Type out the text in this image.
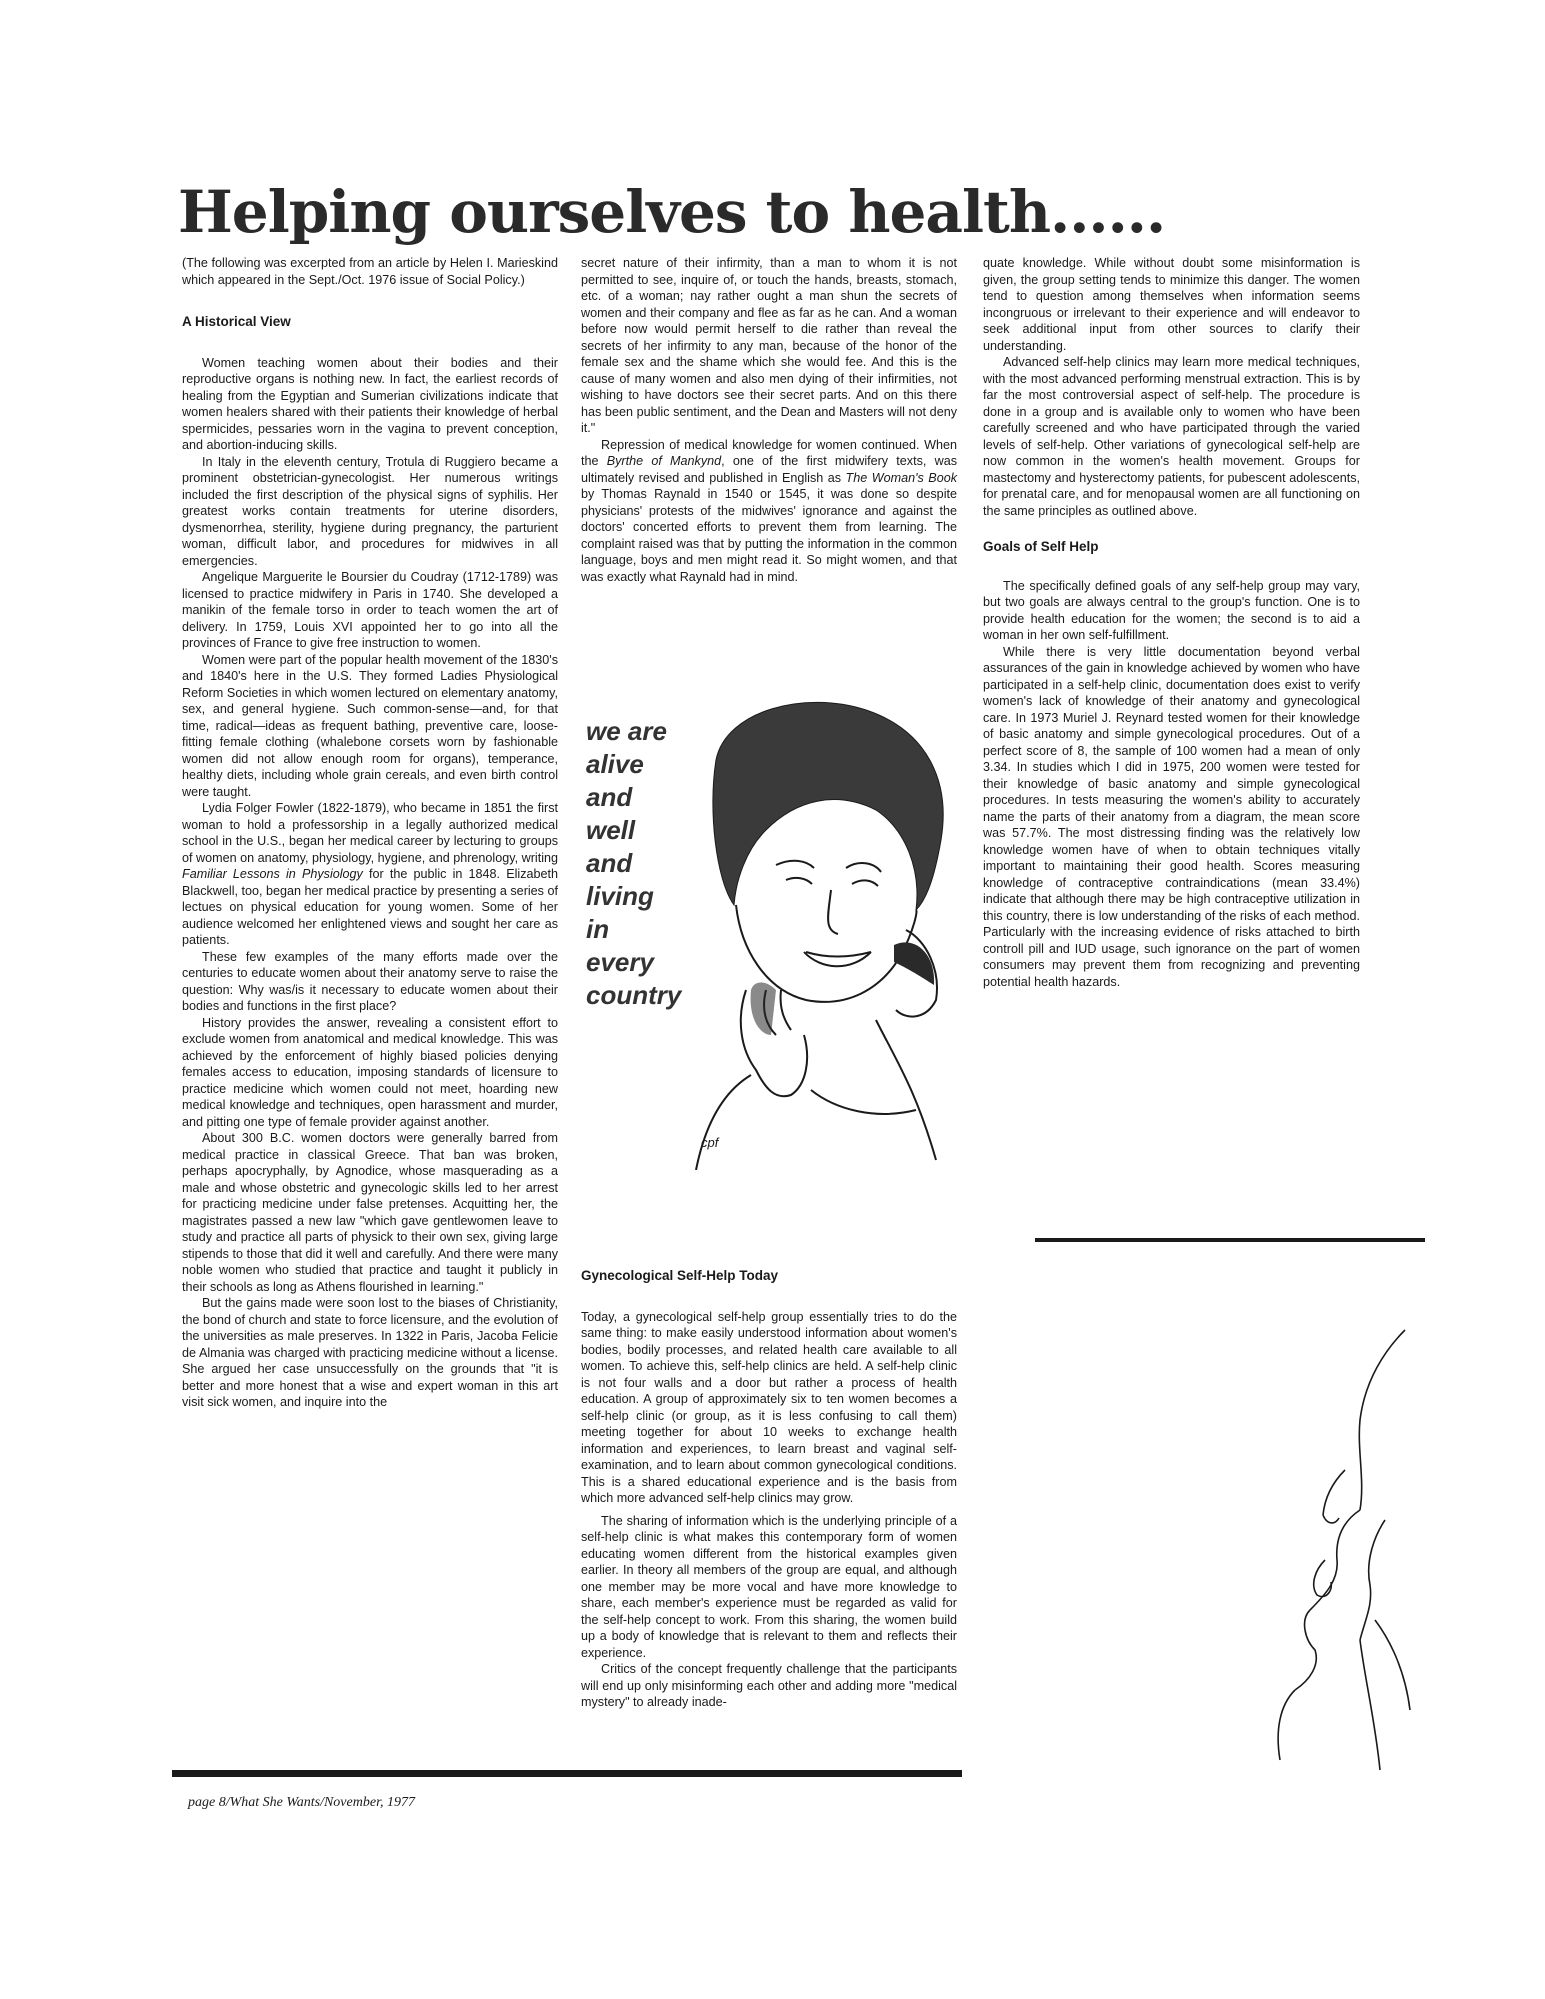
Helping ourselves to health......

(The following was excerpted from an article by Helen I. Marieskind which appeared in the Sept./Oct. 1976 issue of Social Policy.)

A Historical View

Women teaching women about their bodies and their reproductive organs is nothing new. In fact, the earliest records of healing from the Egyptian and Sumerian civilizations indicate that women healers shared with their patients their knowledge of herbal spermicides, pessaries worn in the vagina to prevent conception, and abortion-inducing skills.

In Italy in the eleventh century, Trotula di Ruggiero became a prominent obstetrician-gynecologist. Her numerous writings included the first description of the physical signs of syphilis. Her greatest works contain treatments for uterine disorders, dysmenorrhea, sterility, hygiene during pregnancy, the parturient woman, difficult labor, and procedures for midwives in all emergencies.

Angelique Marguerite le Boursier du Coudray (1712-1789) was licensed to practice midwifery in Paris in 1740. She developed a manikin of the female torso in order to teach women the art of delivery. In 1759, Louis XVI appointed her to go into all the provinces of France to give free instruction to women.

Women were part of the popular health movement of the 1830's and 1840's here in the U.S. They formed Ladies Physiological Reform Societies in which women lectured on elementary anatomy, sex, and general hygiene. Such common-sense—and, for that time, radical—ideas as frequent bathing, preventive care, loose-fitting female clothing (whalebone corsets worn by fashionable women did not allow enough room for organs), temperance, healthy diets, including whole grain cereals, and even birth control were taught.

Lydia Folger Fowler (1822-1879), who became in 1851 the first woman to hold a professorship in a legally authorized medical school in the U.S., began her medical career by lecturing to groups of women on anatomy, physiology, hygiene, and phrenology, writing Familiar Lessons in Physiology for the public in 1848. Elizabeth Blackwell, too, began her medical practice by presenting a series of lectues on physical education for young women. Some of her audience welcomed her enlightened views and sought her care as patients.

These few examples of the many efforts made over the centuries to educate women about their anatomy serve to raise the question: Why was/is it necessary to educate women about their bodies and functions in the first place?

History provides the answer, revealing a consistent effort to exclude women from anatomical and medical knowledge. This was achieved by the enforcement of highly biased policies denying females access to education, imposing standards of licensure to practice medicine which women could not meet, hoarding new medical knowledge and techniques, open harassment and murder, and pitting one type of female provider against another.

About 300 B.C. women doctors were generally barred from medical practice in classical Greece. That ban was broken, perhaps apocryphally, by Agnodice, whose masquerading as a male and whose obstetric and gynecologic skills led to her arrest for practicing medicine under false pretenses. Acquitting her, the magistrates passed a new law "which gave gentlewomen leave to study and practice all parts of physick to their own sex, giving large stipends to those that did it well and carefully. And there were many noble women who studied that practice and taught it publicly in their schools as long as Athens flourished in learning."

But the gains made were soon lost to the biases of Christianity, the bond of church and state to force licensure, and the evolution of the universities as male preserves. In 1322 in Paris, Jacoba Felicie de Almania was charged with practicing medicine without a license. She argued her case unsuccessfully on the grounds that "it is better and more honest that a wise and expert woman in this art visit sick women, and inquire into the

secret nature of their infirmity, than a man to whom it is not permitted to see, inquire of, or touch the hands, breasts, stomach, etc. of a woman; nay rather ought a man shun the secrets of women and their company and flee as far as he can. And a woman before now would permit herself to die rather than reveal the secrets of her infirmity to any man, because of the honor of the female sex and the shame which she would fee. And this is the cause of many women and also men dying of their infirmities, not wishing to have doctors see their secret parts. And on this there has been public sentiment, and the Dean and Masters will not deny it."

Repression of medical knowledge for women continued. When the Byrthe of Mankynd, one of the first midwifery texts, was ultimately revised and published in English as The Woman's Book by Thomas Raynald in 1540 or 1545, it was done so despite physicians' protests of the midwives' ignorance and against the doctors' concerted efforts to prevent them from learning. The complaint raised was that by putting the information in the common language, boys and men might read it. So might women, and that was exactly what Raynald had in mind.

we are
alive
and
well
and
living
in
every
country
cpf
Gynecological Self-Help Today

Today, a gynecological self-help group essentially tries to do the same thing: to make easily understood information about women's bodies, bodily processes, and related health care available to all women. To achieve this, self-help clinics are held. A self-help clinic is not four walls and a door but rather a process of health education. A group of approximately six to ten women becomes a self-help clinic (or group, as it is less confusing to call them) meeting together for about 10 weeks to exchange health information and experiences, to learn breast and vaginal self-examination, and to learn about common gynecological conditions. This is a shared educational experience and is the basis from which more advanced self-help clinics may grow.

The sharing of information which is the underlying principle of a self-help clinic is what makes this contemporary form of women educating women different from the historical examples given earlier. In theory all members of the group are equal, and although one member may be more vocal and have more knowledge to share, each member's experience must be regarded as valid for the self-help concept to work. From this sharing, the women build up a body of knowledge that is relevant to them and reflects their experience.

Critics of the concept frequently challenge that the participants will end up only misinforming each other and adding more "medical mystery" to already inade-

quate knowledge. While without doubt some misinformation is given, the group setting tends to minimize this danger. The women tend to question among themselves when information seems incongruous or irrelevant to their experience and will endeavor to seek additional input from other sources to clarify their understanding.

Advanced self-help clinics may learn more medical techniques, with the most advanced performing menstrual extraction. This is by far the most controversial aspect of self-help. The procedure is done in a group and is available only to women who have been carefully screened and who have participated through the varied levels of self-help. Other variations of gynecological self-help are now common in the women's health movement. Groups for mastectomy and hysterectomy patients, for pubescent adolescents, for prenatal care, and for menopausal women are all functioning on the same principles as outlined above.

Goals of Self Help

The specifically defined goals of any self-help group may vary, but two goals are always central to the group's function. One is to provide health education for the women; the second is to aid a woman in her own self-fulfillment.

While there is very little documentation beyond verbal assurances of the gain in knowledge achieved by women who have participated in a self-help clinic, documentation does exist to verify women's lack of knowledge of their anatomy and gynecological care. In 1973 Muriel J. Reynard tested women for their knowledge of basic anatomy and simple gynecological procedures. Out of a perfect score of 8, the sample of 100 women had a mean of only 3.34. In studies which I did in 1975, 200 women were tested for their knowledge of basic anatomy and simple gynecological procedures. In tests measuring the women's ability to accurately name the parts of their anatomy from a diagram, the mean score was 57.7%. The most distressing finding was the relatively low knowledge women have of when to obtain techniques vitally important to maintaining their good health. Scores measuring knowledge of contraceptive contraindications (mean 33.4%) indicate that although there may be high contraceptive utilization in this country, there is low understanding of the risks of each method. Particularly with the increasing evidence of risks attached to birth controll pill and IUD usage, such ignorance on the part of women consumers may prevent them from recognizing and preventing potential health hazards.

page 8/What She Wants/November, 1977
